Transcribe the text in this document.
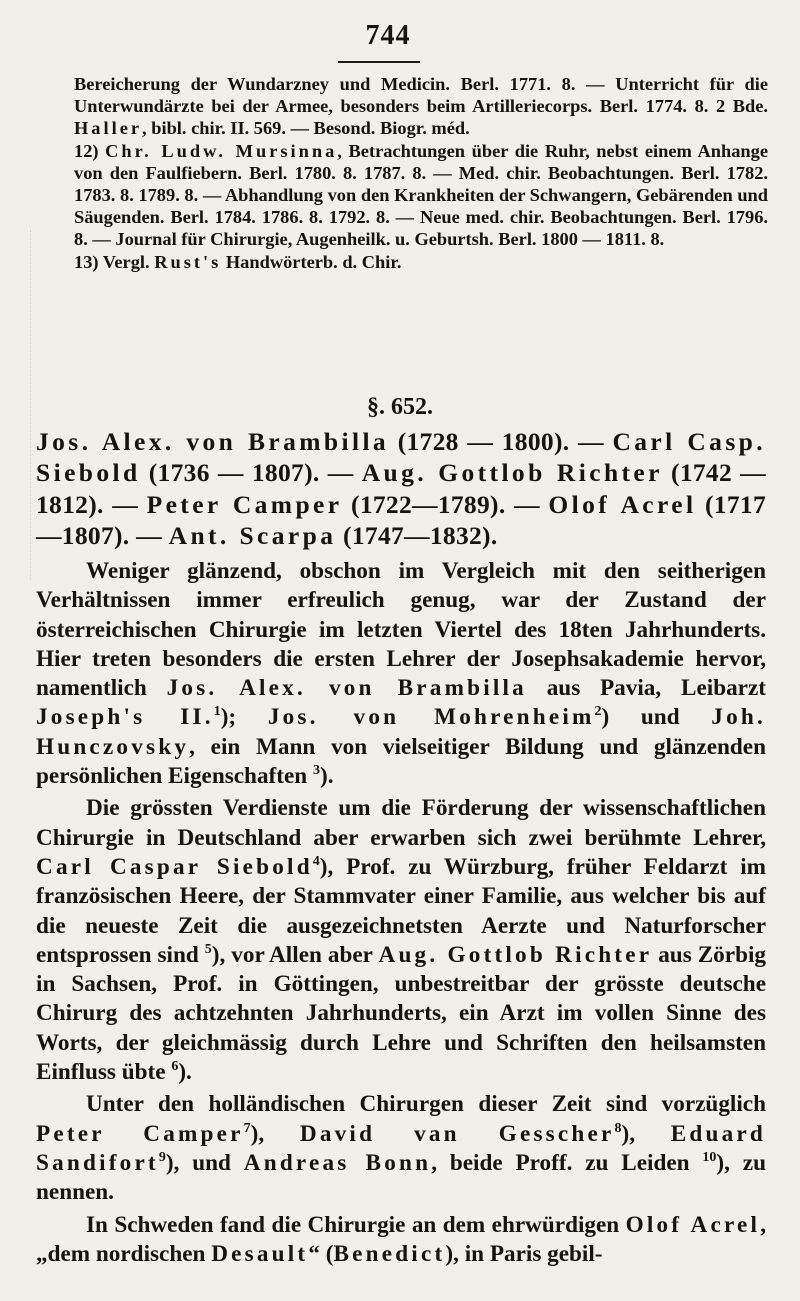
744

Bereicherung der Wundarzney und Medicin. Berl. 1771. 8. — Unterricht für die Unterwundärzte bei der Armee, besonders beim Artilleriecorps. Berl. 1774. 8. 2 Bde. Haller, bibl. chir. II. 569. — Besond. Biogr. méd.

12) Chr. Ludw. Mursinna, Betrachtungen über die Ruhr, nebst einem Anhange von den Faulfiebern. Berl. 1780. 8. 1787. 8. — Med. chir. Beobachtungen. Berl. 1782. 1783. 8. 1789. 8. — Abhandlung von den Krankheiten der Schwangern, Gebärenden und Säugenden. Berl. 1784. 1786. 8. 1792. 8. — Neue med. chir. Beobachtungen. Berl. 1796. 8. — Journal für Chirurgie, Augenheilk. u. Geburtsh. Berl. 1800 — 1811. 8.

13) Vergl. Rust's Handwörterb. d. Chir.

§. 652.
Jos. Alex. von Brambilla (1728 — 1800). — Carl Casp. Siebold (1736 — 1807). — Aug. Gottlob Richter (1742 — 1812). — Peter Camper (1722—1789). — Olof Acrel (1717 —1807). — Ant. Scarpa (1747—1832).

Weniger glänzend, obschon im Vergleich mit den seitherigen Verhältnissen immer erfreulich genug, war der Zustand der österreichischen Chirurgie im letzten Viertel des 18ten Jahrhunderts. Hier treten besonders die ersten Lehrer der Josephsakademie hervor, namentlich Jos. Alex. von Brambilla aus Pavia, Leibarzt Joseph's II.$^1$); Jos. von Mohrenheim$^2$) und Joh. Hunczovsky, ein Mann von vielseitiger Bildung und glänzenden persönlichen Eigenschaften $^3$).

Die grössten Verdienste um die Förderung der wissenschaftlichen Chirurgie in Deutschland aber erwarben sich zwei berühmte Lehrer, Carl Caspar Siebold$^4$), Prof. zu Würzburg, früher Feldarzt im französischen Heere, der Stammvater einer Familie, aus welcher bis auf die neueste Zeit die ausgezeichnetsten Aerzte und Naturforscher entsprossen sind $^5$), vor Allen aber Aug. Gottlob Richter aus Zörbig in Sachsen, Prof. in Göttingen, unbestreitbar der grösste deutsche Chirurg des achtzehnten Jahrhunderts, ein Arzt im vollen Sinne des Worts, der gleichmässig durch Lehre und Schriften den heilsamsten Einfluss übte $^6$).

Unter den holländischen Chirurgen dieser Zeit sind vorzüglich Peter Camper$^7$), David van Gesscher$^8$), Eduard Sandifort$^9$), und Andreas Bonn, beide Proff. zu Leiden $^{10}$), zu nennen.

In Schweden fand die Chirurgie an dem ehrwürdigen Olof Acrel, „dem nordischen Desault“ (Benedict), in Paris gebil-
